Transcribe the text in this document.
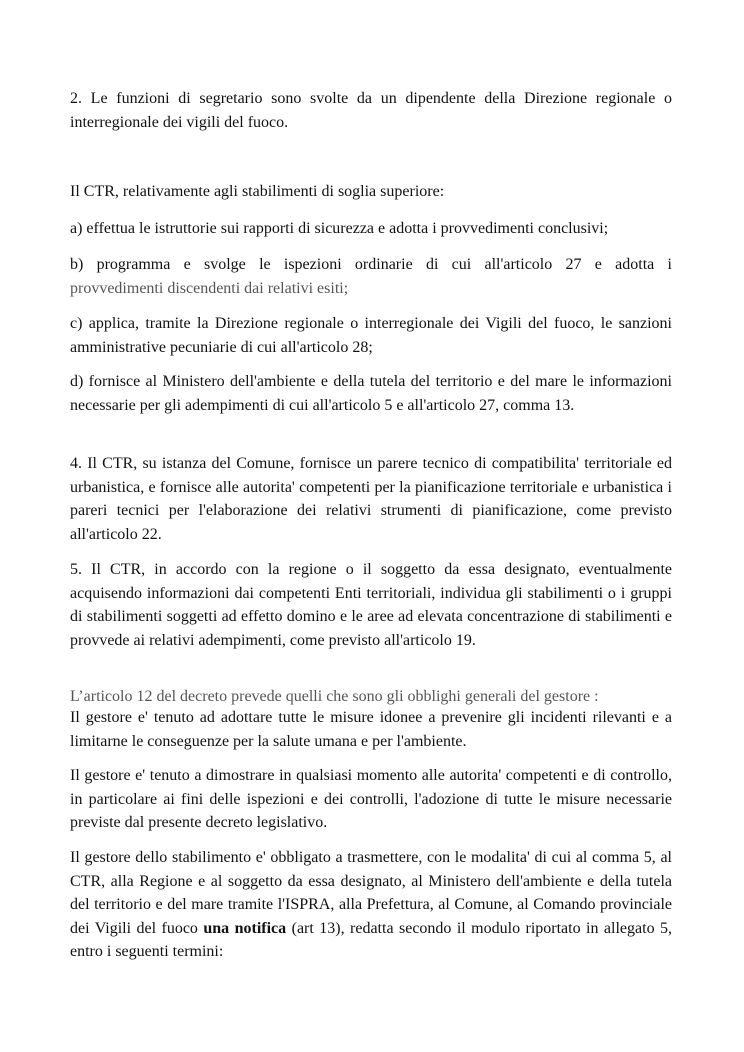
2. Le funzioni di segretario sono svolte da un dipendente della Direzione regionale o interregionale dei vigili del fuoco.

Il CTR, relativamente agli stabilimenti di soglia superiore:

a) effettua le istruttorie sui rapporti di sicurezza e adotta i provvedimenti conclusivi;

b) programma e svolge le ispezioni ordinarie di cui all'articolo 27 e adotta i

provvedimenti discendenti dai relativi esiti;

c) applica, tramite la Direzione regionale o interregionale dei Vigili del fuoco, le sanzioni amministrative pecuniarie di cui all'articolo 28;

d) fornisce al Ministero dell'ambiente e della tutela del territorio e del mare le informazioni necessarie per gli adempimenti di cui all'articolo 5 e all'articolo 27, comma 13.

4. Il CTR, su istanza del Comune, fornisce un parere tecnico di compatibilita' territoriale ed urbanistica, e fornisce alle autorita' competenti per la pianificazione territoriale e urbanistica i pareri tecnici per l'elaborazione dei relativi strumenti di pianificazione, come previsto all'articolo 22.

5. Il CTR, in accordo con la regione o il soggetto da essa designato, eventualmente acquisendo informazioni dai competenti Enti territoriali, individua gli stabilimenti o i gruppi di stabilimenti soggetti ad effetto domino e le aree ad elevata concentrazione di stabilimenti e provvede ai relativi adempimenti, come previsto all'articolo 19.

L’articolo 12 del decreto prevede quelli che sono gli obblighi generali del gestore :

Il gestore e' tenuto ad adottare tutte le misure idonee a prevenire gli incidenti rilevanti e a limitarne le conseguenze per la salute umana e per l'ambiente.

Il gestore e' tenuto a dimostrare in qualsiasi momento alle autorita' competenti e di controllo, in particolare ai fini delle ispezioni e dei controlli, l'adozione di tutte le misure necessarie previste dal presente decreto legislativo.

Il gestore dello stabilimento e' obbligato a trasmettere, con le modalita' di cui al comma 5, al CTR, alla Regione e al soggetto da essa designato, al Ministero dell'ambiente e della tutela del territorio e del mare tramite l'ISPRA, alla Prefettura, al Comune, al Comando provinciale dei Vigili del fuoco una notifica (art 13), redatta secondo il modulo riportato in allegato 5, entro i seguenti termini:
